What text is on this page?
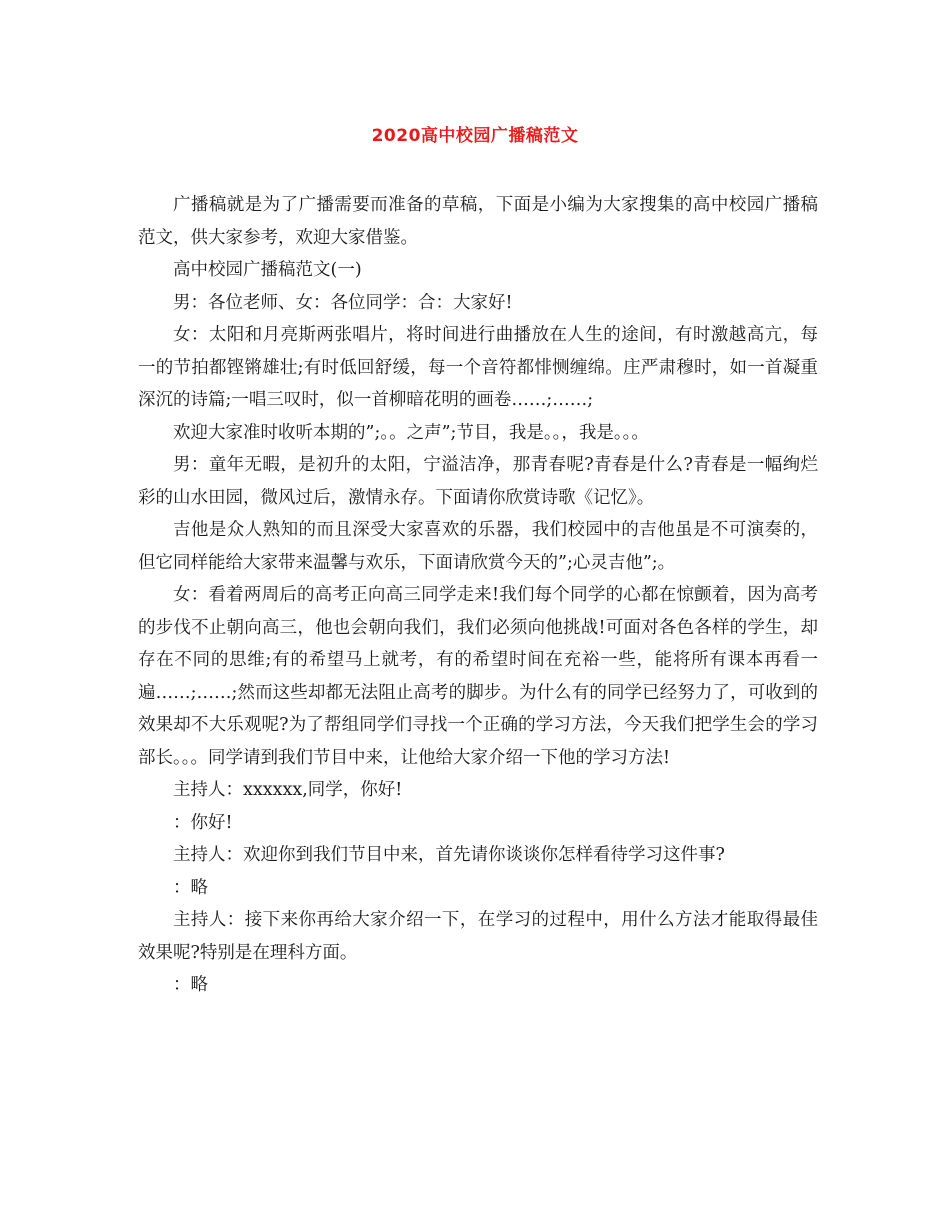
2020高中校园广播稿范文

广播稿就是为了广播需要而准备的草稿，下面是小编为大家搜集的高中校园广播稿范文，供大家参考，欢迎大家借鉴。

高中校园广播稿范文(一)

男：各位老师、女：各位同学：合：大家好!

女：太阳和月亮斯两张唱片，将时间进行曲播放在人生的途间，有时激越高亢，每一的节拍都铿锵雄壮;有时低回舒缓，每一个音符都悱恻缠绵。庄严肃穆时，如一首凝重深沉的诗篇;一唱三叹时，似一首柳暗花明的画卷……;……;

欢迎大家准时收听本期的”;。。之声”;节目，我是。。，我是。。。

男：童年无暇，是初升的太阳，宁溢洁净，那青春呢?青春是什么?青春是一幅绚烂彩的山水田园，微风过后，激情永存。下面请你欣赏诗歌《记忆》。

吉他是众人熟知的而且深受大家喜欢的乐器，我们校园中的吉他虽是不可演奏的，但它同样能给大家带来温馨与欢乐，下面请欣赏今天的”;心灵吉他”;。

女：看着两周后的高考正向高三同学走来!我们每个同学的心都在惊颤着，因为高考的步伐不止朝向高三，他也会朝向我们，我们必须向他挑战!可面对各色各样的学生，却存在不同的思维;有的希望马上就考，有的希望时间在充裕一些，能将所有课本再看一遍……;……;然而这些却都无法阻止高考的脚步。为什么有的同学已经努力了，可收到的效果却不大乐观呢?为了帮组同学们寻找一个正确的学习方法，今天我们把学生会的学习部长。。。同学请到我们节目中来，让他给大家介绍一下他的学习方法!

主持人：xxxxxx,同学，你好!

：你好!

主持人：欢迎你到我们节目中来，首先请你谈谈你怎样看待学习这件事?

：略

主持人：接下来你再给大家介绍一下，在学习的过程中，用什么方法才能取得最佳效果呢?特别是在理科方面。

：略
